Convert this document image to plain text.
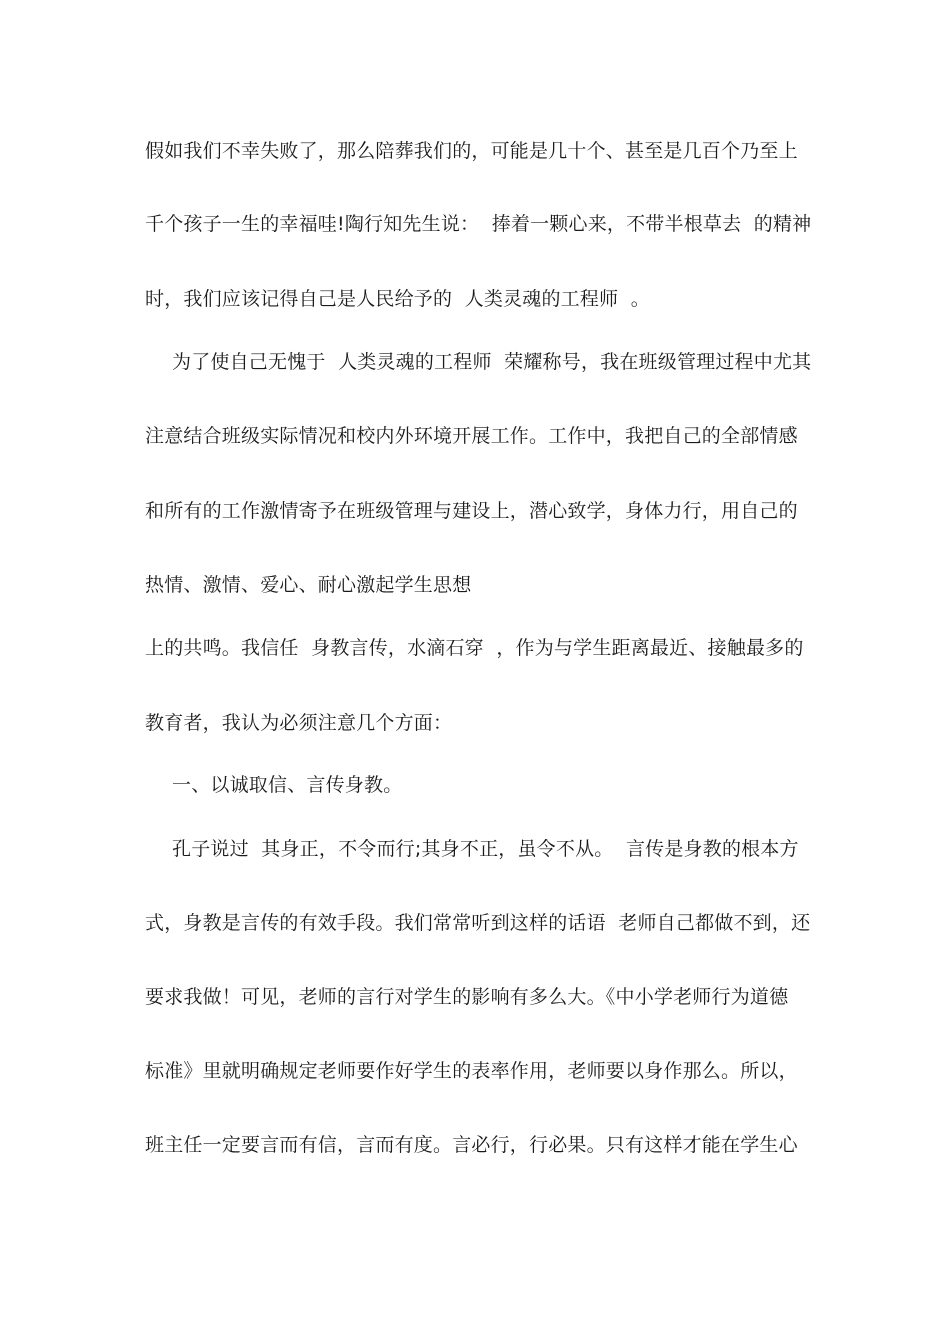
假如我们不幸失败了，那么陪葬我们的，可能是几十个、甚至是几百个乃至上
千个孩子一生的幸福哇!陶行知先生说：  捧着一颗心来，不带半根草去  的精神
时，我们应该记得自己是人民给予的  人类灵魂的工程师  。
为了使自己无愧于  人类灵魂的工程师  荣耀称号，我在班级管理过程中尤其
注意结合班级实际情况和校内外环境开展工作。工作中，我把自己的全部情感
和所有的工作激情寄予在班级管理与建设上，潜心致学，身体力行，用自己的
热情、激情、爱心、耐心激起学生思想
上的共鸣。我信任  身教言传，水滴石穿  ，作为与学生距离最近、接触最多的
教育者，我认为必须注意几个方面：
一、以诚取信、言传身教。
孔子说过  其身正，不令而行;其身不正，虽令不从。  言传是身教的根本方
式，身教是言传的有效手段。我们常常听到这样的话语  老师自己都做不到，还
要求我做！可见，老师的言行对学生的影响有多么大。《中小学老师行为道德
标准》里就明确规定老师要作好学生的表率作用，老师要以身作那么。所以，
班主任一定要言而有信，言而有度。言必行，行必果。只有这样才能在学生心
